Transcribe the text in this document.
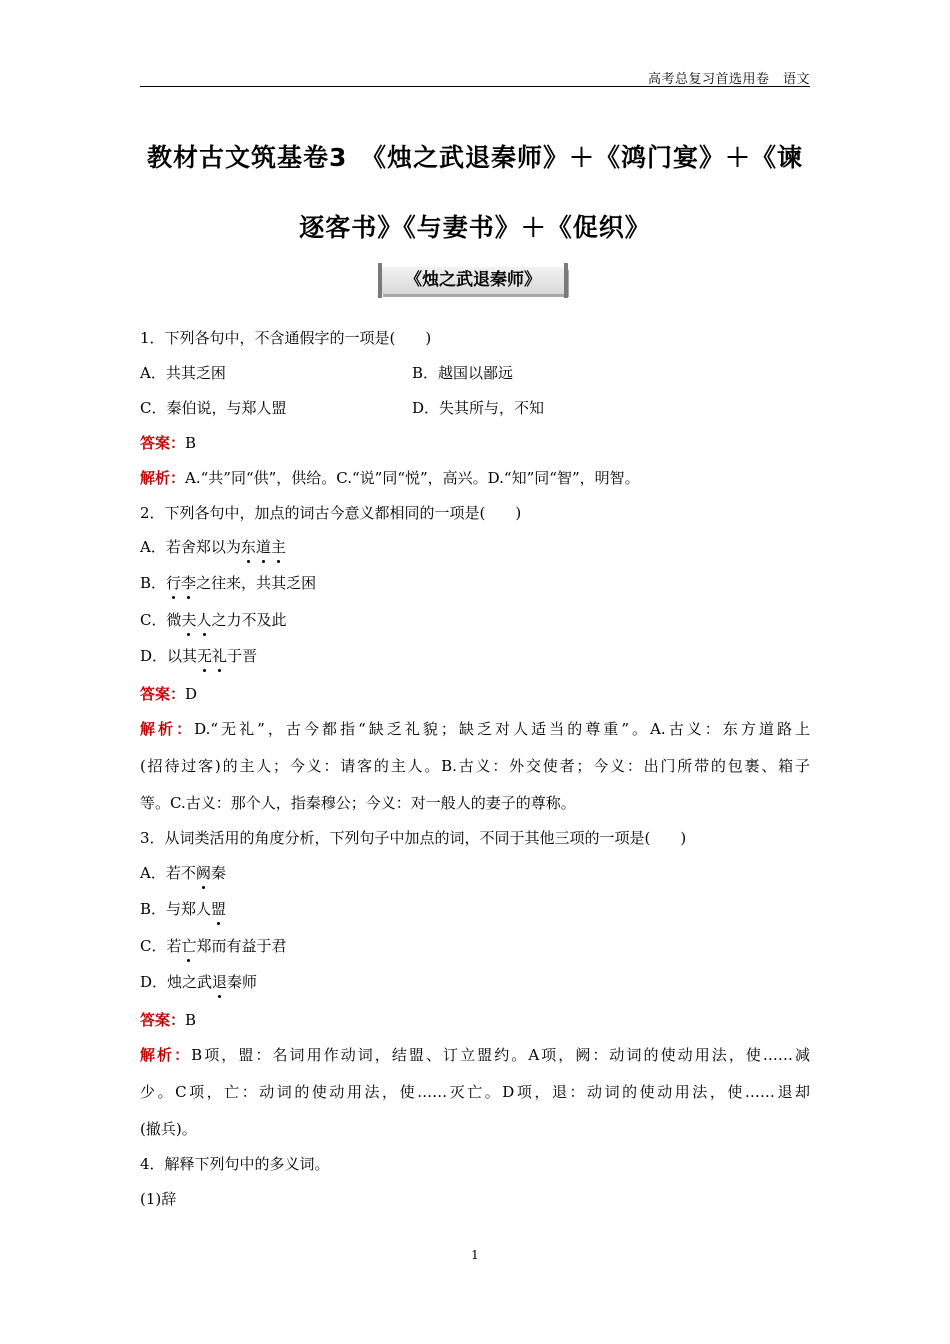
高考总复习首选用卷　语文
教材古文筑基卷3　《烛之武退秦师》＋《鸿门宴》＋《谏
逐客书》《与妻书》＋《促织》
《烛之武退秦师》
1．下列各句中，不含通假字的一项是(　　)
A．共其乏困	B．越国以鄙远
C．秦伯说，与郑人盟	D．失其所与，不知
答案：B
解析：A.“共”同“供”，供给。C.“说”同“悦”，高兴。D.“知”同“智”，明智。
2．下列各句中，加点的词古今意义都相同的一项是(　　)
A．若舍郑以为东道主
B．行李之往来，共其乏困
C．微夫人之力不及此
D．以其无礼于晋
答案：D
解析：D.“无礼”，古今都指“缺乏礼貌；缺乏对人适当的尊重”。A.古义：东方道路上
(招待过客)的主人；今义：请客的主人。B.古义：外交使者；今义：出门所带的包裹、箱子
等。C.古义：那个人，指秦穆公；今义：对一般人的妻子的尊称。
3．从词类活用的角度分析，下列句子中加点的词，不同于其他三项的一项是(　　)
A．若不阙秦
B．与郑人盟
C．若亡郑而有益于君
D．烛之武退秦师
答案：B
解析：B项，盟：名词用作动词，结盟、订立盟约。A项，阙：动词的使动用法，使……减
少。C项，亡：动词的使动用法，使……灭亡。D项，退：动词的使动用法，使……退却
(撤兵)。
4．解释下列句中的多义词。
(1)辞
1
